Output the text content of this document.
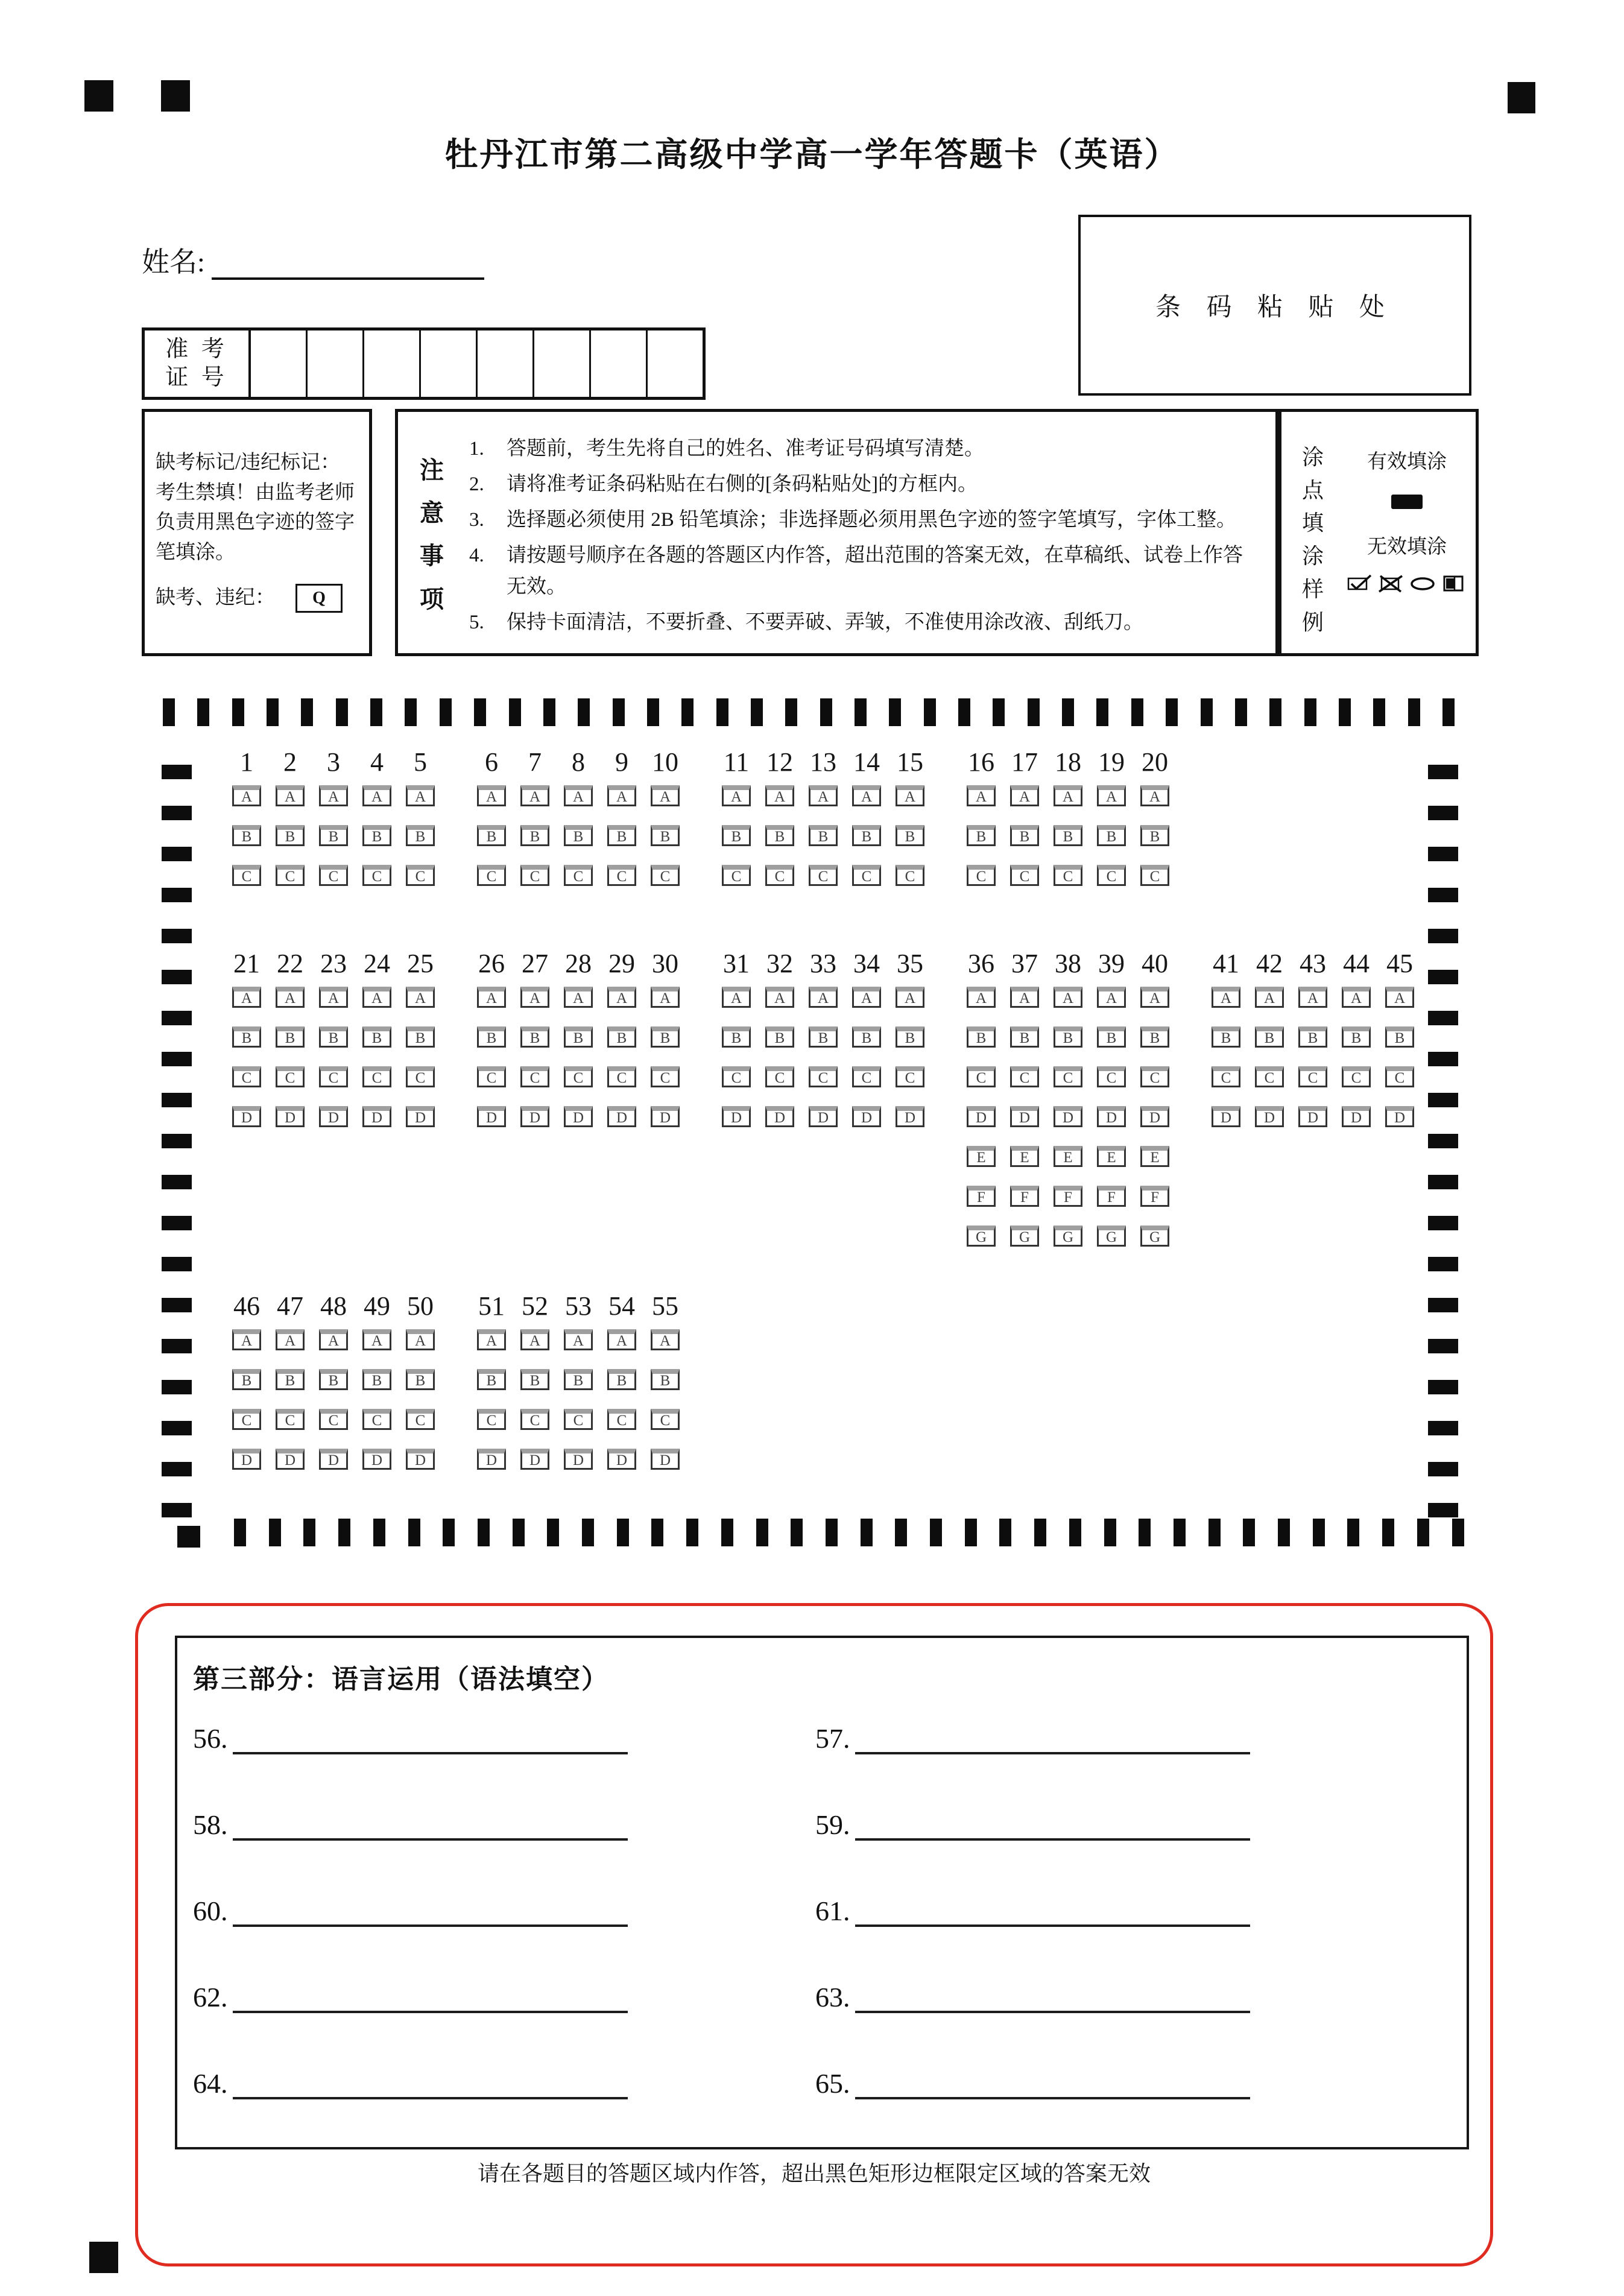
牡丹江市第二高级中学高一学年答题卡（英语）
姓名:
条 码 粘 贴 处
准 考
证 号
缺考标记/违纪标记：考生禁填！由监考老师负责用黑色字迹的签字笔填涂。
缺考、违纪： Q
注
意
事
项
1.	答题前，考生先将自己的姓名、准考证号码填写清楚。
2.	请将准考证条码粘贴在右侧的[条码粘贴处]的方框内。
3.	选择题必须使用 2B 铅笔填涂；非选择题必须用黑色字迹的签字笔填写，字体工整。
4.	请按题号顺序在各题的答题区内作答，超出范围的答案无效，在草稿纸、试卷上作答无效。
5.	保持卡面清洁，不要折叠、不要弄破、弄皱，不准使用涂改液、刮纸刀。
涂
点
填
涂
样
例
有效填涂
无效填涂
1	2	3	4	5
A	A	A	A	A
B	B	B	B	B
C	C	C	C	C
6	7	8	9 10
A	A	A	A	A
B	B	B	B	B
C	C	C	C	C
11 12 13 14 15
A	A	A	A	A
B	B	B	B	B
C	C	C	C	C
16 17 18 19 20
A	A	A	A	A
B	B	B	B	B
C	C	C	C	C
21 22 23 24 25
A	A	A	A	A
B	B	B	B	B
C	C	C	C	C
D	D	D	D	D
26 27 28 29 30
A	A	A	A	A
B	B	B	B	B
C	C	C	C	C
D	D	D	D	D
31 32 33 34 35
A	A	A	A	A
B	B	B	B	B
C	C	C	C	C
D	D	D	D	D
36 37 38 39 40
A	A	A	A	A
B	B	B	B	B
C	C	C	C	C
D	D	D	D	D
E	E	E	E	E
F	F	F	F	F
G	G	G	G	G
41 42 43 44 45
A	A	A	A	A
B	B	B	B	B
C	C	C	C	C
D	D	D	D	D
46 47 48 49 50
A	A	A	A	A
B	B	B	B	B
C	C	C	C	C
D	D	D	D	D
51 52 53 54 55
A	A	A	A	A
B	B	B	B	B
C	C	C	C	C
D	D	D	D	D
第三部分：语言运用（语法填空）
56.	57.
58.	59.
60.	61.
62.	63.
64.	65.
请在各题目的答题区域内作答，超出黑色矩形边框限定区域的答案无效
